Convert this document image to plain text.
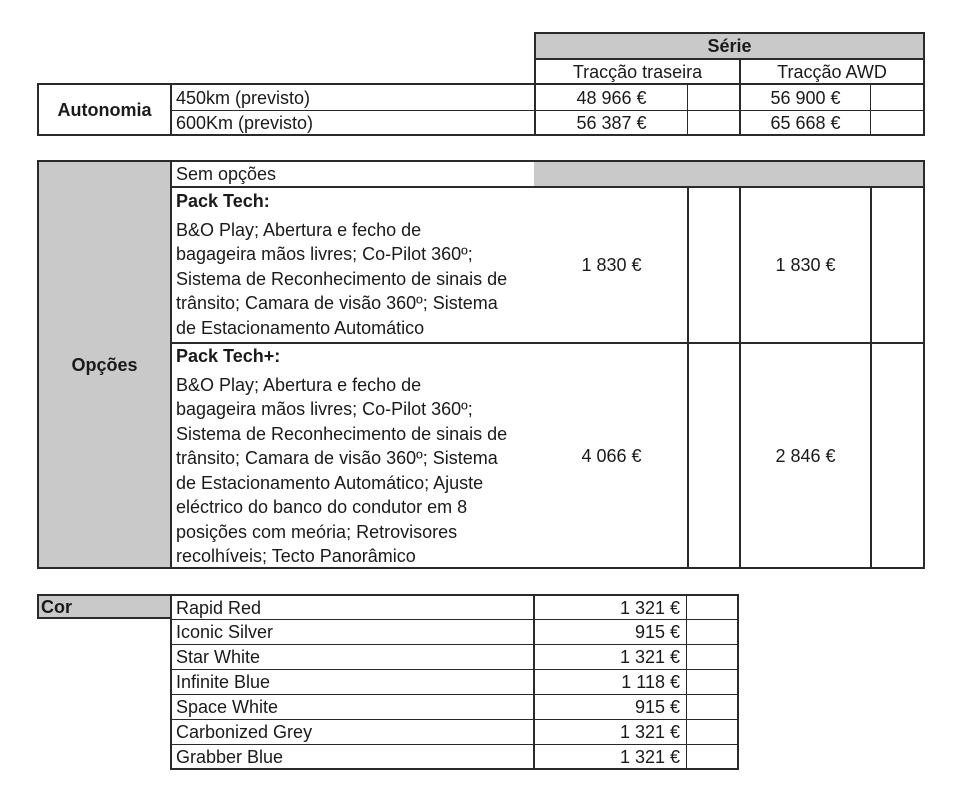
Série
Tracção traseira	Tracção AWD
Autonomia
450km (previsto)	48 966 €	56 900 €
600Km (previsto)	56 387 €	65 668 €
Opções
Sem opções
Pack Tech:
B&O Play; Abertura e fecho de
bagageira mãos livres; Co-Pilot 360º;
Sistema de Reconhecimento de sinais de
trânsito; Camara de visão 360º; Sistema
de Estacionamento Automático
1 830 €	1 830 €
Pack Tech+:
B&O Play; Abertura e fecho de
bagageira mãos livres; Co-Pilot 360º;
Sistema de Reconhecimento de sinais de
trânsito; Camara de visão 360º; Sistema
de Estacionamento Automático; Ajuste
eléctrico do banco do condutor em 8
posições com meória; Retrovisores
recolhíveis; Tecto Panorâmico
4 066 €	2 846 €
Cor	Rapid Red	1 321 €
Iconic Silver	915 €
Star White	1 321 €
Infinite Blue	1 118 €
Space White	915 €
Carbonized Grey	1 321 €
Grabber Blue	1 321 €
